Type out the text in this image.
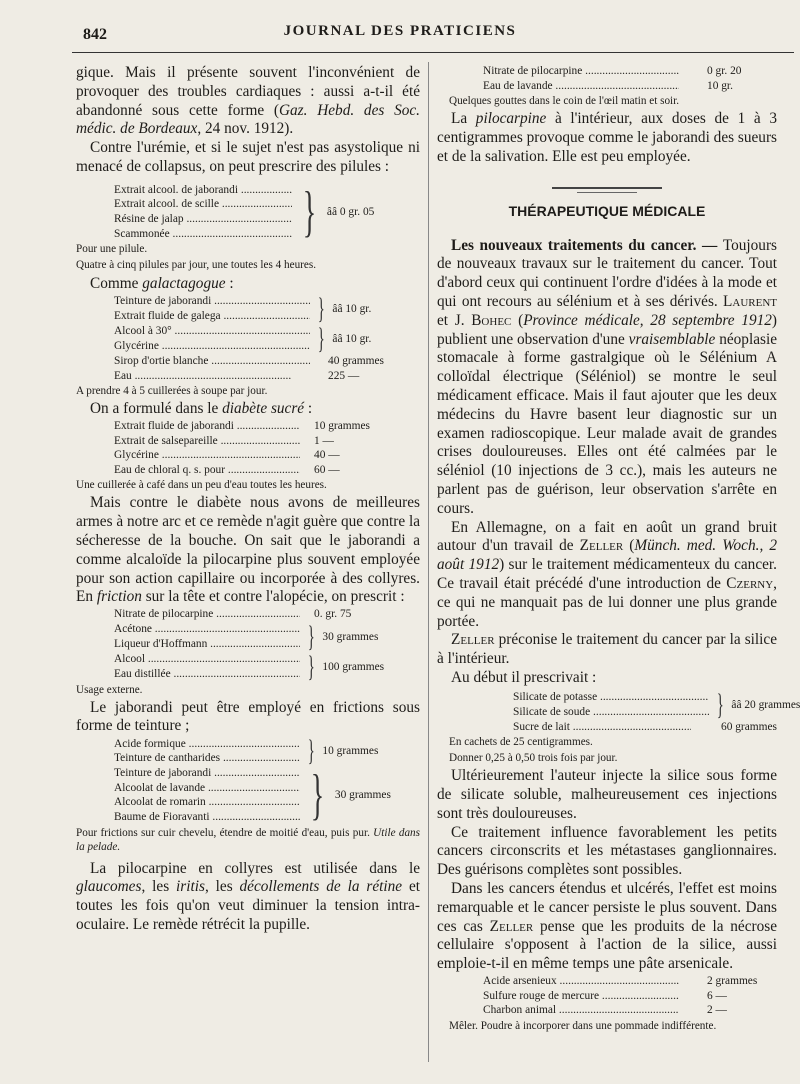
842	JOURNAL DES PRATICIENS

gique. Mais il présente souvent l'inconvénient de provoquer des troubles cardiaques : aussi a-t-il été abandonné sous cette forme (Gaz. Hebd. des Soc. médic. de Bordeaux, 24 nov. 1912).

Contre l'urémie, et si le sujet n'est pas asystolique ni menacé de collapsus, on peut prescrire des pilules :

Extrait alcool. de jaborandi .....
Extrait alcool. de scille .....
Résine de jalap .....
Scammonée .....	} ââ 0 gr. 05
Pour une pilule.
Quatre à cinq pilules par jour, une toutes les 4 heures.

Comme galactagogue :

Teinture de jaborandi .....
Extrait fluide de galega .....	} ââ 10 gr.
Alcool à 30° .....
Glycérine .....	} ââ 10 gr.
Sirop d'ortie blanche .....	40 grammes
Eau .....	225 —
A prendre 4 à 5 cuillerées à soupe par jour.

On a formulé dans le diabète sucré :

Extrait fluide de jaborandi .....	10 grammes
Extrait de salsepareille .....	1 —
Glycérine .....	40 —
Eau de chloral q. s. pour .....	60 —
Une cuillerée à café dans un peu d'eau toutes les heures.

Mais contre le diabète nous avons de meilleures armes à notre arc et ce remède n'agit guère que contre la sécheresse de la bouche. On sait que le jaborandi a comme alcaloïde la pilocarpine plus souvent employée pour son action capillaire ou incorporée à des collyres. En friction sur la tête et contre l'alopécie, on prescrit :

Nitrate de pilocarpine .....	0. gr. 75
Acétone .....
Liqueur d'Hoffmann .....	} 30 grammes
Alcool .....
Eau distillée .....	} 100 grammes
Usage externe.

Le jaborandi peut être employé en frictions sous forme de teinture ;

Acide formique .....
Teinture de cantharides .....	} 10 grammes
Teinture de jaborandi .....
Alcoolat de lavande .....
Alcoolat de romarin .....
Baume de Fioravanti .....	} 30 grammes
Pour frictions sur cuir chevelu, étendre de moitié d'eau, puis pur. Utile dans la pelade.

La pilocarpine en collyres est utilisée dans le glaucomes, les iritis, les décollements de la rétine et toutes les fois qu'on veut diminuer la tension intra-oculaire. Le remède rétrécit la pupille.

Nitrate de pilocarpine .....	0 gr. 20
Eau de lavande .....	10 gr.
Quelques gouttes dans le coin de l'œil matin et soir.

La pilocarpine à l'intérieur, aux doses de 1 à 3 centigrammes provoque comme le jaborandi des sueurs et de la salivation. Elle est peu employée.

THÉRAPEUTIQUE MÉDICALE

Les nouveaux traitements du cancer. — Toujours de nouveaux travaux sur le traitement du cancer. Tout d'abord ceux qui continuent l'ordre d'idées à la mode et qui ont recours au sélénium et à ses dérivés. Laurent et J. Bohec (Province médicale, 28 septembre 1912) publient une observation d'une vraisemblable néoplasie stomacale à forme gastralgique où le Sélénium A colloïdal électrique (Séléniol) se montre le seul médicament efficace. Mais il faut ajouter que les deux médecins du Havre basent leur diagnostic sur un examen radioscopique. Leur malade avait de grandes crises douloureuses. Elles ont été calmées par le séléniol (10 injections de 3 cc.), mais les auteurs ne parlent pas de guérison, leur observation s'arrête en cours.

En Allemagne, on a fait en août un grand bruit autour d'un travail de Zeller (Münch. med. Woch., 2 août 1912) sur le traitement médicamenteux du cancer. Ce travail était précédé d'une introduction de Czerny, ce qui ne manquait pas de lui donner une plus grande portée.

Zeller préconise le traitement du cancer par la silice à l'intérieur.

Au début il prescrivait :

Silicate de potasse .....
Silicate de soude .....	} ââ 20 grammes
Sucre de lait .....	60 grammes
En cachets de 25 centigrammes.
Donner 0,25 à 0,50 trois fois par jour.

Ultérieurement l'auteur injecte la silice sous forme de silicate soluble, malheureusement ces injections sont très douloureuses.

Ce traitement influence favorablement les petits cancers circonscrits et les métastases ganglionnaires. Des guérisons complètes sont possibles.

Dans les cancers étendus et ulcérés, l'effet est moins remarquable et le cancer persiste le plus souvent. Dans ces cas Zeller pense que les produits de la nécrose cellulaire s'opposent à l'action de la silice, aussi emploie-t-il en même temps une pâte arsenicale.

Acide arsenieux .....	2 grammes
Sulfure rouge de mercure .....	6 —
Charbon animal .....	2 —
Mêler. Poudre à incorporer dans une pommade indifférente.
